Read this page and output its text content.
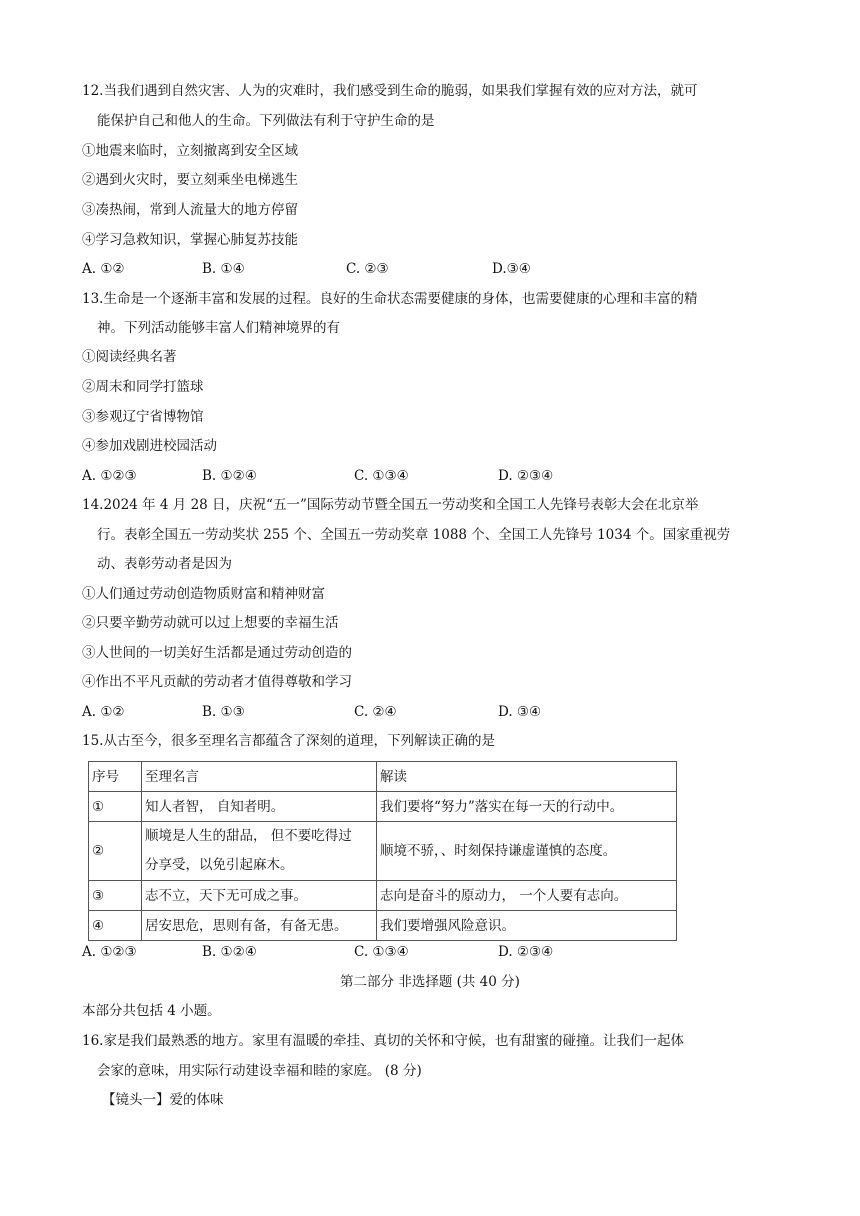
12.当我们遇到自然灾害、人为的灾难时，我们感受到生命的脆弱，如果我们掌握有效的应对方法，就可
能保护自己和他人的生命。下列做法有利于守护生命的是
①地震来临时，立刻撤离到安全区域
②遇到火灾时，要立刻乘坐电梯逃生
③凑热闹，常到人流量大的地方停留
④学习急救知识，掌握心肺复苏技能
A. ①②	B. ①④	C. ②③	D.③④
13.生命是一个逐渐丰富和发展的过程。良好的生命状态需要健康的身体，也需要健康的心理和丰富的精
神。下列活动能够丰富人们精神境界的有
①阅读经典名著
②周末和同学打篮球
③参观辽宁省博物馆
④参加戏剧进校园活动
A. ①②③	B. ①②④	C. ①③④	D. ②③④
14.2024 年 4 月 28 日，庆祝“五一”国际劳动节暨全国五一劳动奖和全国工人先锋号表彰大会在北京举
行。表彰全国五一劳动奖状 255 个、全国五一劳动奖章 1088 个、全国工人先锋号 1034 个。国家重视劳
动、表彰劳动者是因为
①人们通过劳动创造物质财富和精神财富
②只要辛勤劳动就可以过上想要的幸福生活
③人世间的一切美好生活都是通过劳动创造的
④作出不平凡贡献的劳动者才值得尊敬和学习
A. ①②	B. ①③	C. ②④	D. ③④
15.从古至今，很多至理名言都蕴含了深刻的道理，下列解读正确的是
序号	至理名言	解读
①	知人者智， 自知者明。	我们要将“努力”落实在每一天的行动中。
②	顺境是人生的甜品， 但不要吃得过
分享受，以免引起麻木。	顺境不骄，、时刻保持谦虚谨慎的态度。
③	志不立，天下无可成之事。	志向是奋斗的原动力， 一个人要有志向。
④	居安思危，思则有备，有备无患。	我们要增强风险意识。
A. ①②③	B. ①②④	C. ①③④	D. ②③④
第二部分 非选择题 (共 40 分)
本部分共包括 4 小题。
16.家是我们最熟悉的地方。家里有温暖的牵挂、真切的关怀和守候，也有甜蜜的碰撞。让我们一起体
会家的意味，用实际行动建设幸福和睦的家庭。 (8 分)
【镜头一】爱的体味
